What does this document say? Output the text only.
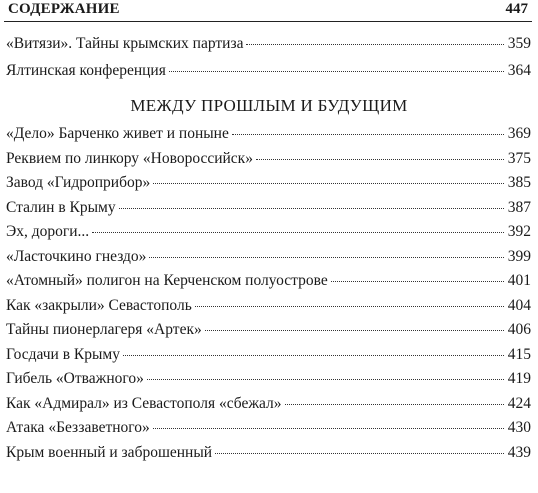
СОДЕРЖАНИЕ	447
«Витязи». Тайны крымских партиза	359
Ялтинская конференция	364
МЕЖДУ ПРОШЛЫМ И БУДУЩИМ
«Дело» Барченко живет и поныне	369
Реквием по линкору «Новороссийск»	375
Завод «Гидроприбор»	385
Сталин в Крыму	387
Эх, дороги...	392
«Ласточкино гнездо»	399
«Атомный» полигон на Керченском полуострове	401
Как «закрыли» Севастополь	404
Тайны пионерлагеря «Артек»	406
Госдачи в Крыму	415
Гибель «Отважного»	419
Как «Адмирал» из Севастополя «сбежал»	424
Атака «Беззаветного»	430
Крым военный и заброшенный	439
